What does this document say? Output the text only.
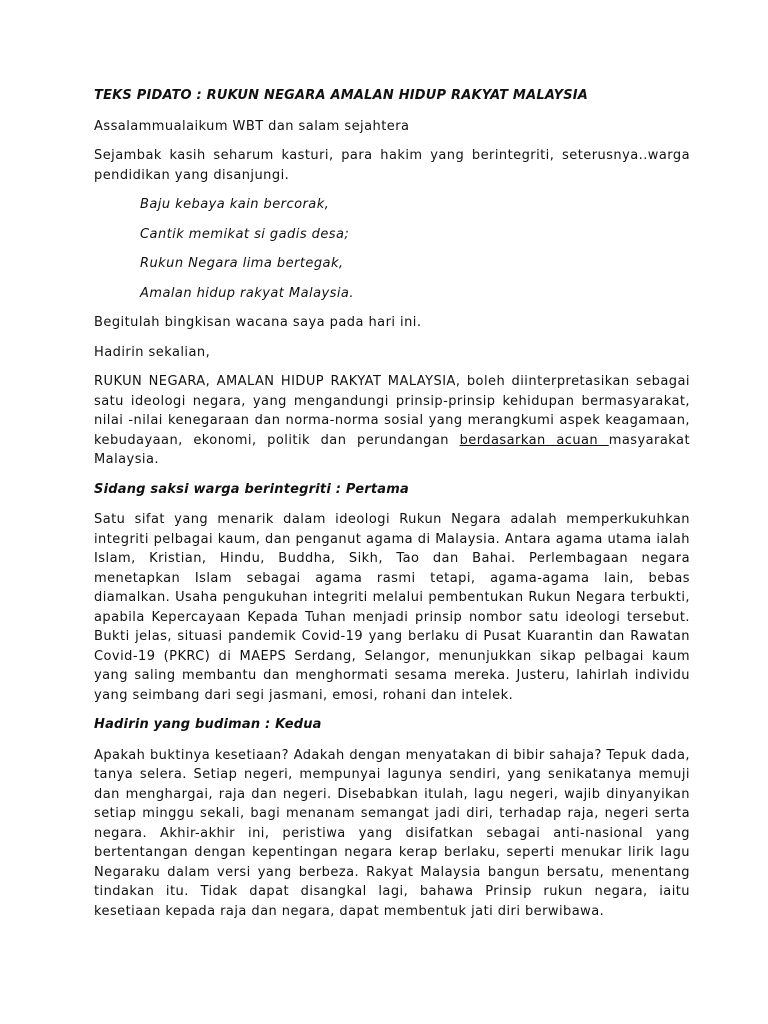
TEKS PIDATO : RUKUN NEGARA AMALAN HIDUP RAKYAT MALAYSIA

Assalammualaikum WBT dan salam sejahtera

Sejambak kasih seharum kasturi, para hakim yang berintegriti, seterusnya..warga pendidikan yang disanjungi.

Baju kebaya kain bercorak,
Cantik memikat si gadis desa;
Rukun Negara lima bertegak,
Amalan hidup rakyat Malaysia.

Begitulah bingkisan wacana saya pada hari ini.

Hadirin sekalian,

RUKUN NEGARA, AMALAN HIDUP RAKYAT MALAYSIA, boleh diinterpretasikan sebagai satu ideologi negara, yang mengandungi prinsip-prinsip kehidupan bermasyarakat, nilai -nilai kenegaraan dan norma-norma sosial yang merangkumi aspek keagamaan, kebudayaan, ekonomi, politik dan perundangan berdasarkan acuan masyarakat Malaysia.

Sidang saksi warga berintegriti : Pertama

Satu sifat yang menarik dalam ideologi Rukun Negara adalah memperkukuhkan integriti pelbagai kaum, dan penganut agama di Malaysia. Antara agama utama ialah Islam, Kristian, Hindu, Buddha, Sikh, Tao dan Bahai. Perlembagaan negara menetapkan Islam sebagai agama rasmi tetapi, agama-agama lain, bebas diamalkan. Usaha pengukuhan integriti melalui pembentukan Rukun Negara terbukti, apabila Kepercayaan Kepada Tuhan menjadi prinsip nombor satu ideologi tersebut. Bukti jelas, situasi pandemik Covid-19 yang berlaku di Pusat Kuarantin dan Rawatan Covid-19 (PKRC) di MAEPS Serdang, Selangor, menunjukkan sikap pelbagai kaum yang saling membantu dan menghormati sesama mereka. Justeru, lahirlah individu yang seimbang dari segi jasmani, emosi, rohani dan intelek.

Hadirin yang budiman : Kedua

Apakah buktinya kesetiaan? Adakah dengan menyatakan di bibir sahaja? Tepuk dada, tanya selera. Setiap negeri, mempunyai lagunya sendiri, yang senikatanya memuji dan menghargai, raja dan negeri. Disebabkan itulah, lagu negeri, wajib dinyanyikan setiap minggu sekali, bagi menanam semangat jadi diri, terhadap raja, negeri serta negara. Akhir-akhir ini, peristiwa yang disifatkan sebagai anti-nasional yang bertentangan dengan kepentingan negara kerap berlaku, seperti menukar lirik lagu Negaraku dalam versi yang berbeza. Rakyat Malaysia bangun bersatu, menentang tindakan itu. Tidak dapat disangkal lagi, bahawa Prinsip rukun negara, iaitu kesetiaan kepada raja dan negara, dapat membentuk jati diri berwibawa.
